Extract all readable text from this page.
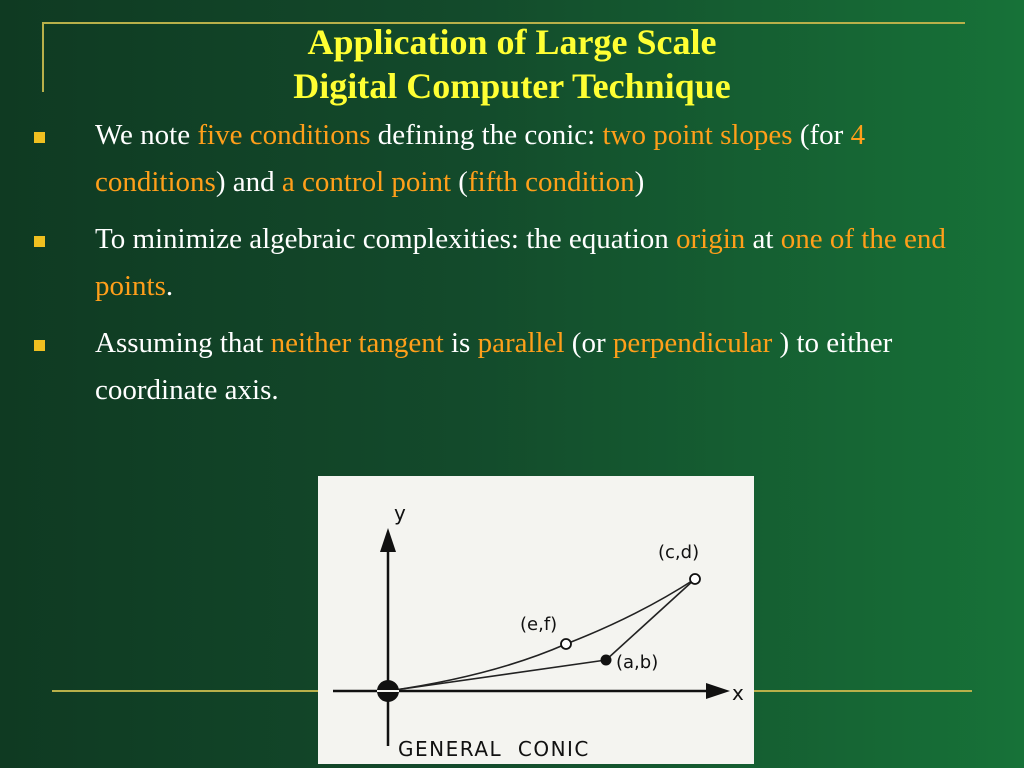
Application of Large Scale
Digital Computer Technique
We note five conditions defining the conic: two point slopes (for 4 conditions) and a control point (fifth condition)
To minimize algebraic complexities: the equation origin at one of the end points.
Assuming that neither tangent is parallel (or perpendicular ) to either coordinate axis.
y
x
(c,d)
(e,f)
(a,b)
GENERAL  CONIC
